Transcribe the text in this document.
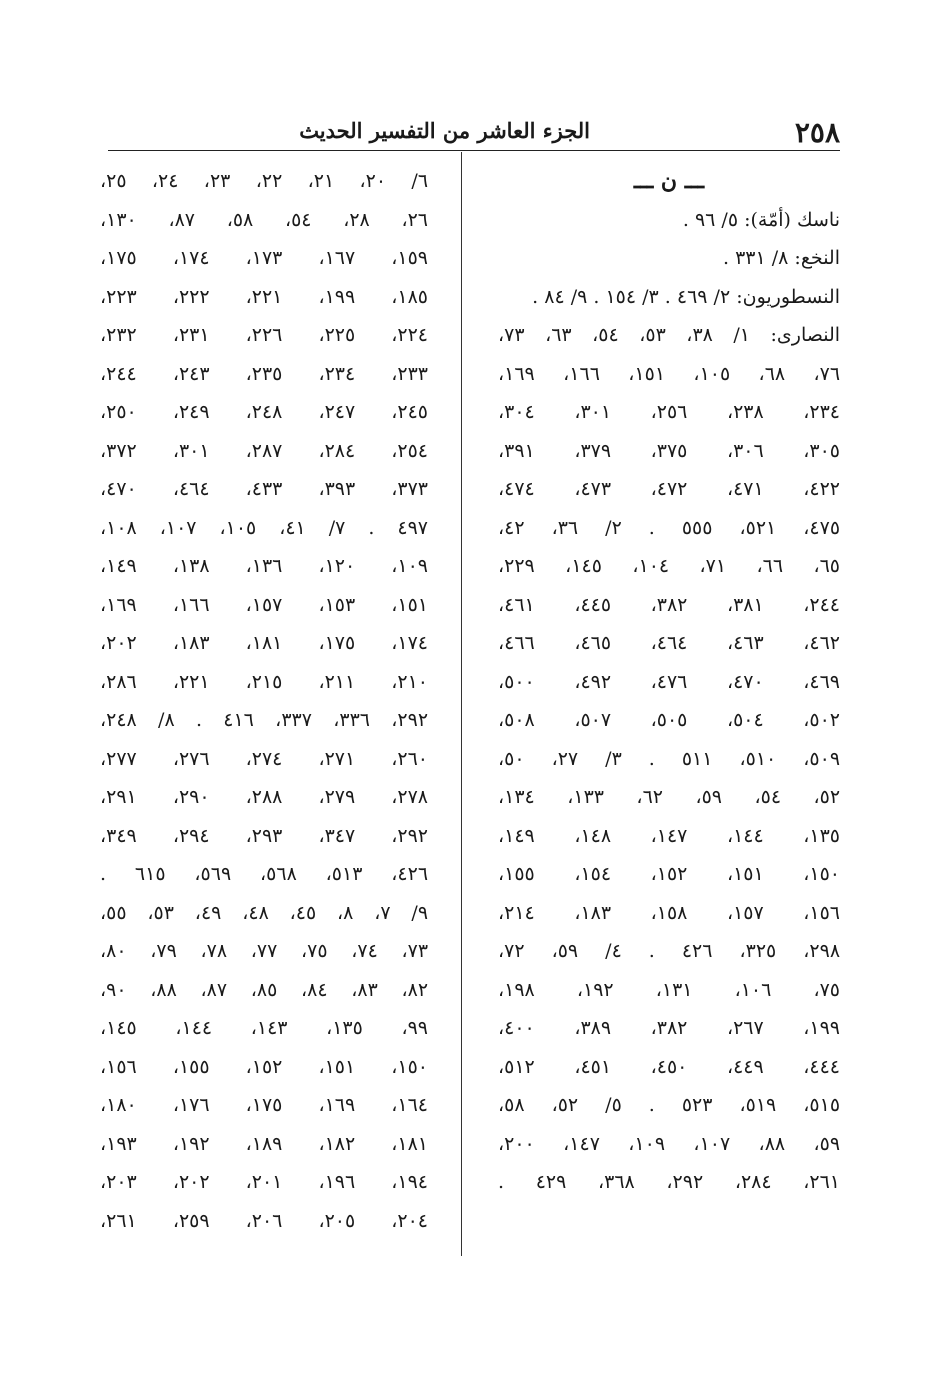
٢٥٨
الجزء العاشر من التفسير الحديث
ـــ ن ـــ
ناسك (أمّة): ٥/ ٩٦ .
النخع: ٨/ ٣٣١ .
النسطوريون: ٢/ ٤٦٩ . ٣/ ١٥٤ . ٩/ ٨٤ .
النصارى: ١/ ٣٨، ٥٣، ٥٤، ٦٣، ٧٣،
٧٦، ٦٨، ١٠٥، ١٥١، ١٦٦، ١٦٩،
٢٣٤، ٢٣٨، ٢٥٦، ٣٠١، ٣٠٤،
٣٠٥، ٣٠٦، ٣٧٥، ٣٧٩، ٣٩١،
٤٢٢، ٤٧١، ٤٧٢، ٤٧٣، ٤٧٤،
٤٧٥، ٥٢١، ٥٥٥ . ٢/ ٣٦، ٤٢،
٦٥، ٦٦، ٧١، ١٠٤، ١٤٥، ٢٢٩،
٢٤٤، ٣٨١، ٣٨٢، ٤٤٥، ٤٦١،
٤٦٢، ٤٦٣، ٤٦٤، ٤٦٥، ٤٦٦،
٤٦٩، ٤٧٠، ٤٧٦، ٤٩٢، ٥٠٠،
٥٠٢، ٥٠٤، ٥٠٥، ٥٠٧، ٥٠٨،
٥٠٩، ٥١٠، ٥١١ . ٣/ ٢٧، ٥٠،
٥٢، ٥٤، ٥٩، ٦٢، ١٣٣، ١٣٤،
١٣٥، ١٤٤، ١٤٧، ١٤٨، ١٤٩،
١٥٠، ١٥١، ١٥٢، ١٥٤، ١٥٥،
١٥٦، ١٥٧، ١٥٨، ١٨٣، ٢١٤،
٢٩٨، ٣٢٥، ٤٢٦ . ٤/ ٥٩، ٧٢،
٧٥، ١٠٦، ١٣١، ١٩٢، ١٩٨،
١٩٩، ٢٦٧، ٣٨٢، ٣٨٩، ٤٠٠،
٤٤٤، ٤٤٩، ٤٥٠، ٤٥١، ٥١٢،
٥١٥، ٥١٩، ٥٢٣ . ٥/ ٥٢، ٥٨،
٥٩، ٨٨، ١٠٧، ١٠٩، ١٤٧، ٢٠٠،
٢٦١، ٢٨٤، ٢٩٢، ٣٦٨، ٤٢٩ .
٦/ ٢٠، ٢١، ٢٢، ٢٣، ٢٤، ٢٥،
٢٦، ٢٨، ٥٤، ٥٨، ٨٧، ١٣٠،
١٥٩، ١٦٧، ١٧٣، ١٧٤، ١٧٥،
١٨٥، ١٩٩، ٢٢١، ٢٢٢، ٢٢٣،
٢٢٤، ٢٢٥، ٢٢٦، ٢٣١، ٢٣٢،
٢٣٣، ٢٣٤، ٢٣٥، ٢٤٣، ٢٤٤،
٢٤٥، ٢٤٧، ٢٤٨، ٢٤٩، ٢٥٠،
٢٥٤، ٢٨٤، ٢٨٧، ٣٠١، ٣٧٢،
٣٧٣، ٣٩٣، ٤٣٣، ٤٦٤، ٤٧٠،
٤٩٧ . ٧/ ٤١، ١٠٥، ١٠٧، ١٠٨،
١٠٩، ١٢٠، ١٣٦، ١٣٨، ١٤٩،
١٥١، ١٥٣، ١٥٧، ١٦٦، ١٦٩،
١٧٤، ١٧٥، ١٨١، ١٨٣، ٢٠٢،
٢١٠، ٢١١، ٢١٥، ٢٢١، ٢٨٦،
٢٩٢، ٣٣٦، ٣٣٧، ٤١٦ . ٨/ ٢٤٨،
٢٦٠، ٢٧١، ٢٧٤، ٢٧٦، ٢٧٧،
٢٧٨، ٢٧٩، ٢٨٨، ٢٩٠، ٢٩١،
٢٩٢، ٣٤٧، ٢٩٣، ٢٩٤، ٣٤٩،
٤٢٦، ٥١٣، ٥٦٨، ٥٦٩، ٦١٥ .
٩/ ٧، ٨، ٤٥، ٤٨، ٤٩، ٥٣، ٥٥،
٧٣، ٧٤، ٧٥، ٧٧، ٧٨، ٧٩، ٨٠،
٨٢، ٨٣، ٨٤، ٨٥، ٨٧، ٨٨، ٩٠،
٩٩، ١٣٥، ١٤٣، ١٤٤، ١٤٥،
١٥٠، ١٥١، ١٥٢، ١٥٥، ١٥٦،
١٦٤، ١٦٩، ١٧٥، ١٧٦، ١٨٠،
١٨١، ١٨٢، ١٨٩، ١٩٢، ١٩٣،
١٩٤، ١٩٦، ٢٠١، ٢٠٢، ٢٠٣،
٢٠٤، ٢٠٥، ٢٠٦، ٢٥٩، ٢٦١،
